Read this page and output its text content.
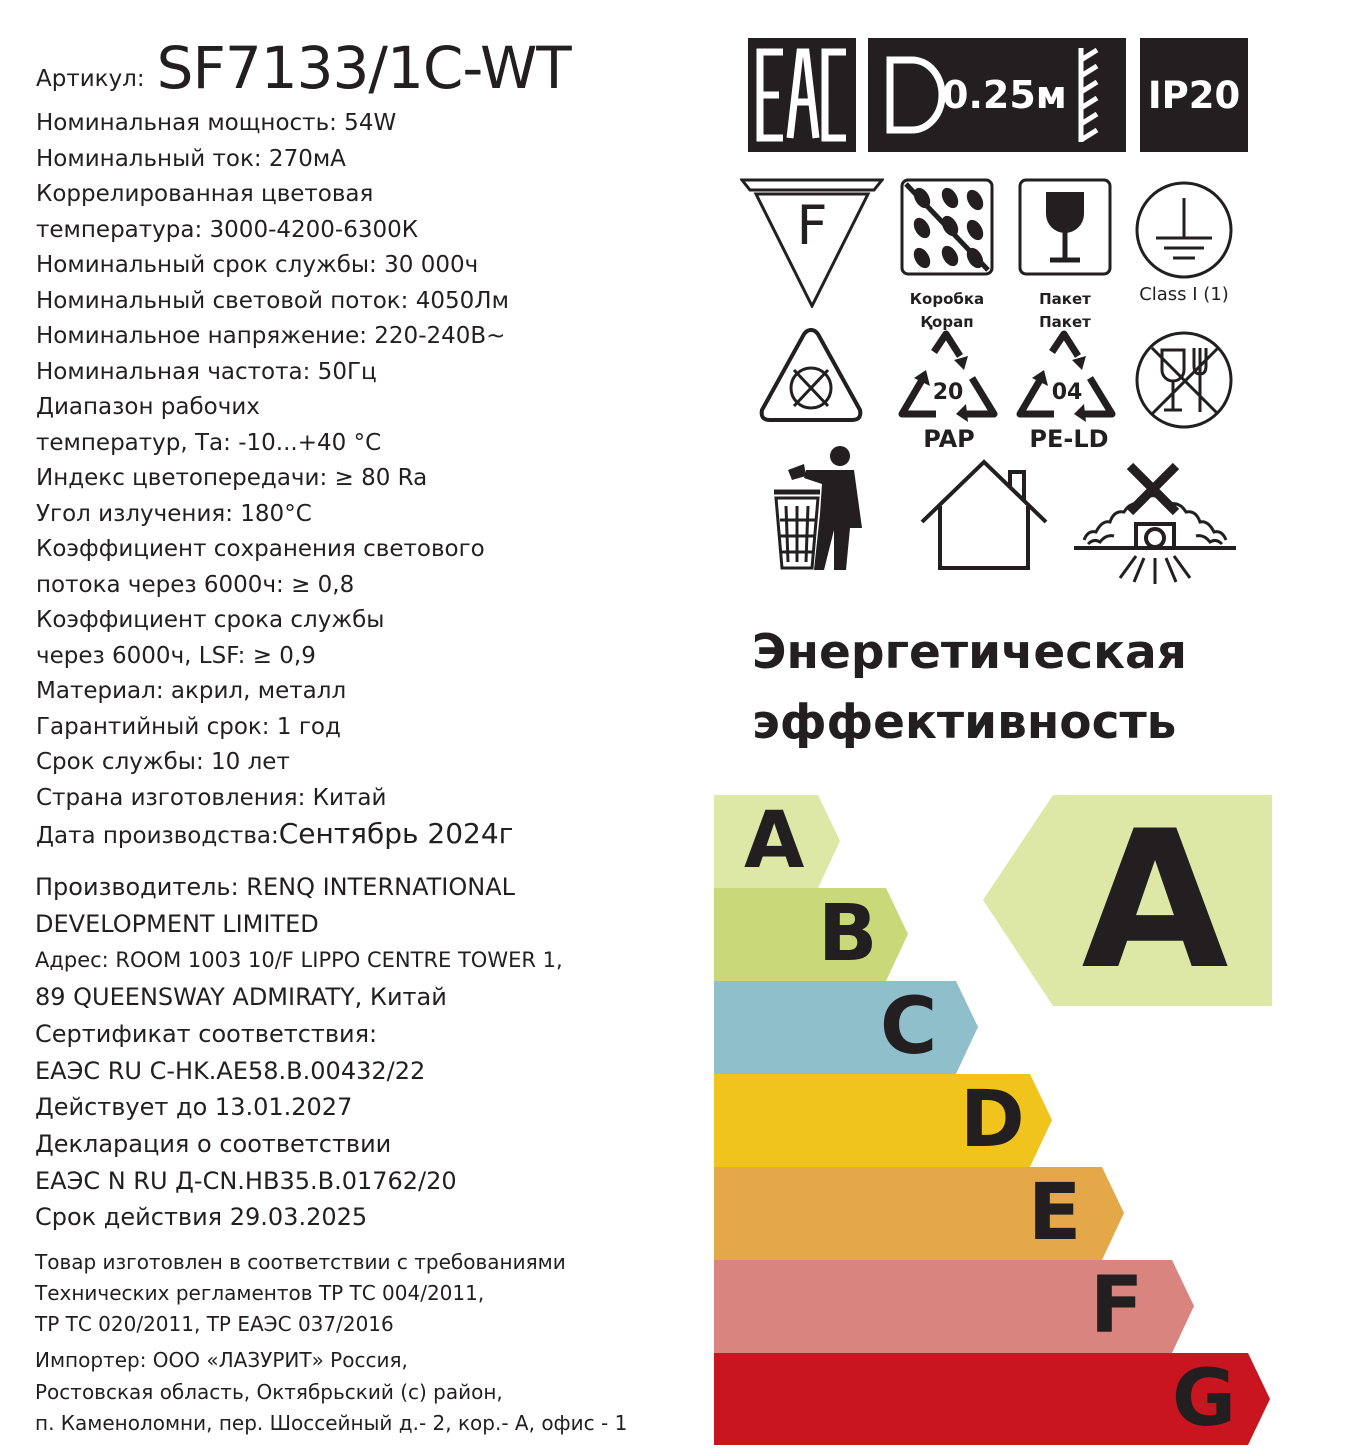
Артикул: SF7133/1C-WT
Номинальная мощность: 54W
Номинальный ток: 270мА
Коррелированная цветовая
температура: 3000-4200-6300К
Номинальный срок службы: 30 000ч
Номинальный световой поток: 4050Лм
Номинальное напряжение: 220-240В~
Номинальная частота: 50Гц
Диапазон рабочих
температур, Та: -10...+40 °С
Индекс цветопередачи: ≥ 80 Ra
Угол излучения: 180°С
Коэффициент сохранения светового
потока через 6000ч: ≥ 0,8
Коэффициент срока службы
через 6000ч, LSF: ≥ 0,9
Материал: акрил, металл
Гарантийный срок: 1 год
Срок службы: 10 лет
Страна изготовления: Китай
Дата производства:Сентябрь 2024г
Производитель: RENQ INTERNATIONAL
DEVELOPMENT LIMITED
Адрес: ROOM 1003 10/F LIPPO CENTRE TOWER 1,
89 QUEENSWAY ADMIRATY, Китай
Сертификат соответствия:
ЕАЭС RU C-HK.AE58.B.00432/22
Действует до 13.01.2027
Декларация о соответствии
ЕАЭС N RU Д-CN.HB35.B.01762/20
Срок действия 29.03.2025
Товар изготовлен в соответствии с требованиями
Технических регламентов ТР ТС 004/2011,
ТР ТС 020/2011, ТР ЕАЭС 037/2016
Импортер: ООО «ЛАЗУРИТ» Россия,
Ростовская область, Октябрьский (с) район,
п. Каменоломни, пер. Шоссейный д.- 2, кор.- А, офис - 1
0.25м IP20
F
Коробка
Қорап
Пакет
Пакет
Class I (1)
20
PAP
04
PE-LD
Энергетическая
эффективность
A
B
C
D
E
F
G
A
